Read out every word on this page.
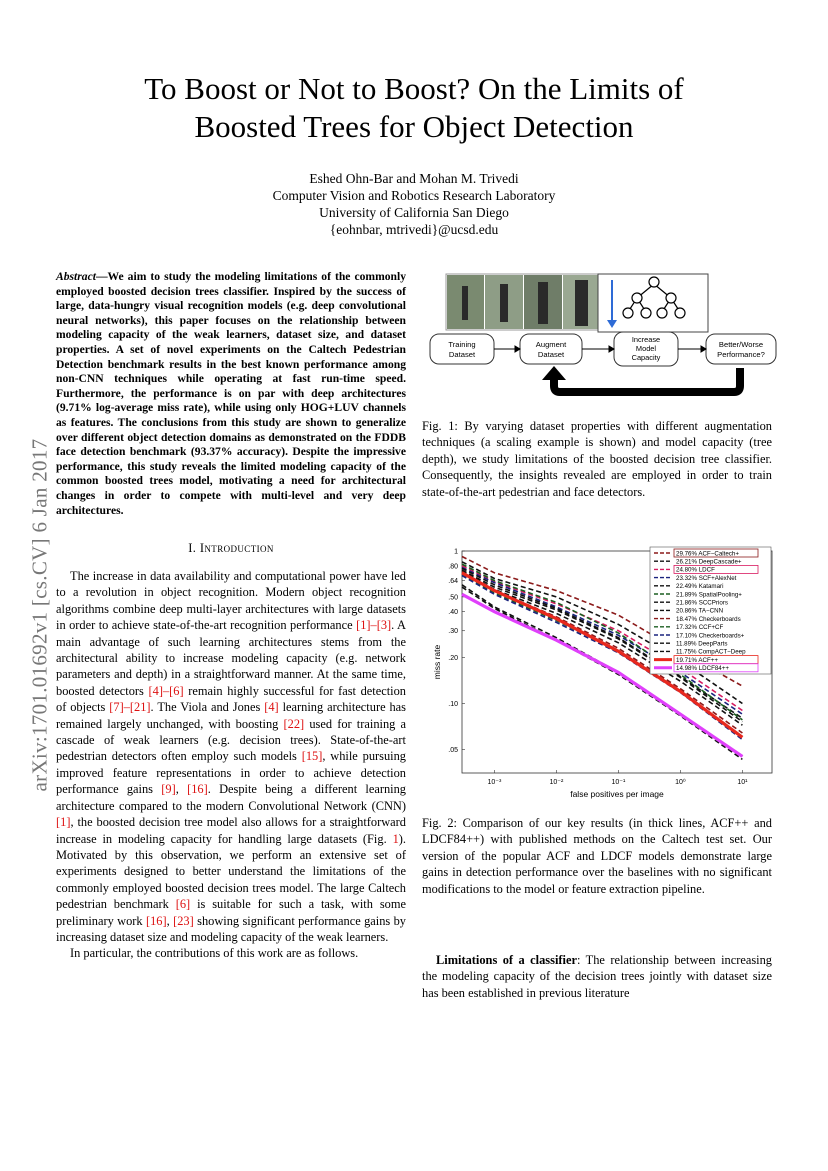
To Boost or Not to Boost? On the Limits of
Boosted Trees for Object Detection
Eshed Ohn-Bar and Mohan M. Trivedi
Computer Vision and Robotics Research Laboratory
University of California San Diego
{eohnbar, mtrivedi}@ucsd.edu
arXiv:1701.01692v1 [cs.CV] 6 Jan 2017
Abstract—We aim to study the modeling limitations of the commonly employed boosted decision trees classifier. Inspired by the success of large, data-hungry visual recognition models (e.g. deep convolutional neural networks), this paper focuses on the relationship between modeling capacity of the weak learners, dataset size, and dataset properties. A set of novel experiments on the Caltech Pedestrian Detection benchmark results in the best known performance among non-CNN techniques while operating at fast run-time speed. Furthermore, the performance is on par with deep architectures (9.71% log-average miss rate), while using only HOG+LUV channels as features. The conclusions from this study are shown to generalize over different object detection domains as demonstrated on the FDDB face detection benchmark (93.37% accuracy). Despite the impressive performance, this study reveals the limited modeling capacity of the common boosted trees model, motivating a need for architectural changes in order to compete with multi-level and very deep architectures.
I. Introduction

The increase in data availability and computational power have led to a revolution in object recognition. Modern object recognition algorithms combine deep multi-layer architectures with large datasets in order to achieve state-of-the-art recognition performance [1]–[3]. A main advantage of such learning architectures stems from the architectural ability to increase modeling capacity (e.g. network parameters and depth) in a straightforward manner. At the same time, boosted detectors [4]–[6] remain highly successful for fast detection of objects [7]–[21]. The Viola and Jones [4] learning architecture has remained largely unchanged, with boosting [22] used for training a cascade of weak learners (e.g. decision trees). State-of-the-art pedestrian detectors often employ such models [15], while pursuing improved feature representations in order to achieve detection performance gains [9], [16]. Despite being a different learning architecture compared to the modern Convolutional Network (CNN) [1], the boosted decision tree model also allows for a straightforward increase in modeling capacity for handling large datasets (Fig. 1). Motivated by this observation, we perform an extensive set of experiments designed to better understand the limitations of the commonly employed boosted decision trees model. The large Caltech pedestrian benchmark [6] is suitable for such a task, with some preliminary work [16], [23] showing significant performance gains by increasing dataset size and modeling capacity of the weak learners.

In particular, the contributions of this work are as follows.

Training
Dataset
Augment
Dataset
Increase
Model
Capacity
Better/Worse
Performance?
Fig. 1: By varying dataset properties with different augmentation techniques (a scaling example is shown) and model capacity (tree depth), we study limitations of the boosted decision tree classifier. Consequently, the insights revealed are employed in order to train state-of-the-art pedestrian and face detectors.
1
.80
.64
.50
.40
.30
.20
.10
.05
10⁻³	10⁻²	10⁻¹	10⁰	10¹
false positives per image
miss rate
29.76% ACF−Caltech+
26.21% DeepCascade+
24.80% LDCF
23.32% SCF+AlexNet
22.49% Katamari
21.89% SpatialPooling+
21.86% SCCPriors
20.86% TA−CNN
18.47% Checkerboards
17.32% CCF+CF
17.10% Checkerboards+
11.89% DeepParts
11.75% CompACT−Deep
19.71% ACF++
14.98% LDCF84++
Fig. 2: Comparison of our key results (in thick lines, ACF++ and LDCF84++) with published methods on the Caltech test set. Our version of the popular ACF and LDCF models demonstrate large gains in detection performance over the baselines with no significant modifications to the model or feature extraction pipeline.
Limitations of a classifier: The relationship between increasing the modeling capacity of the decision trees jointly with dataset size has been established in previous literature
